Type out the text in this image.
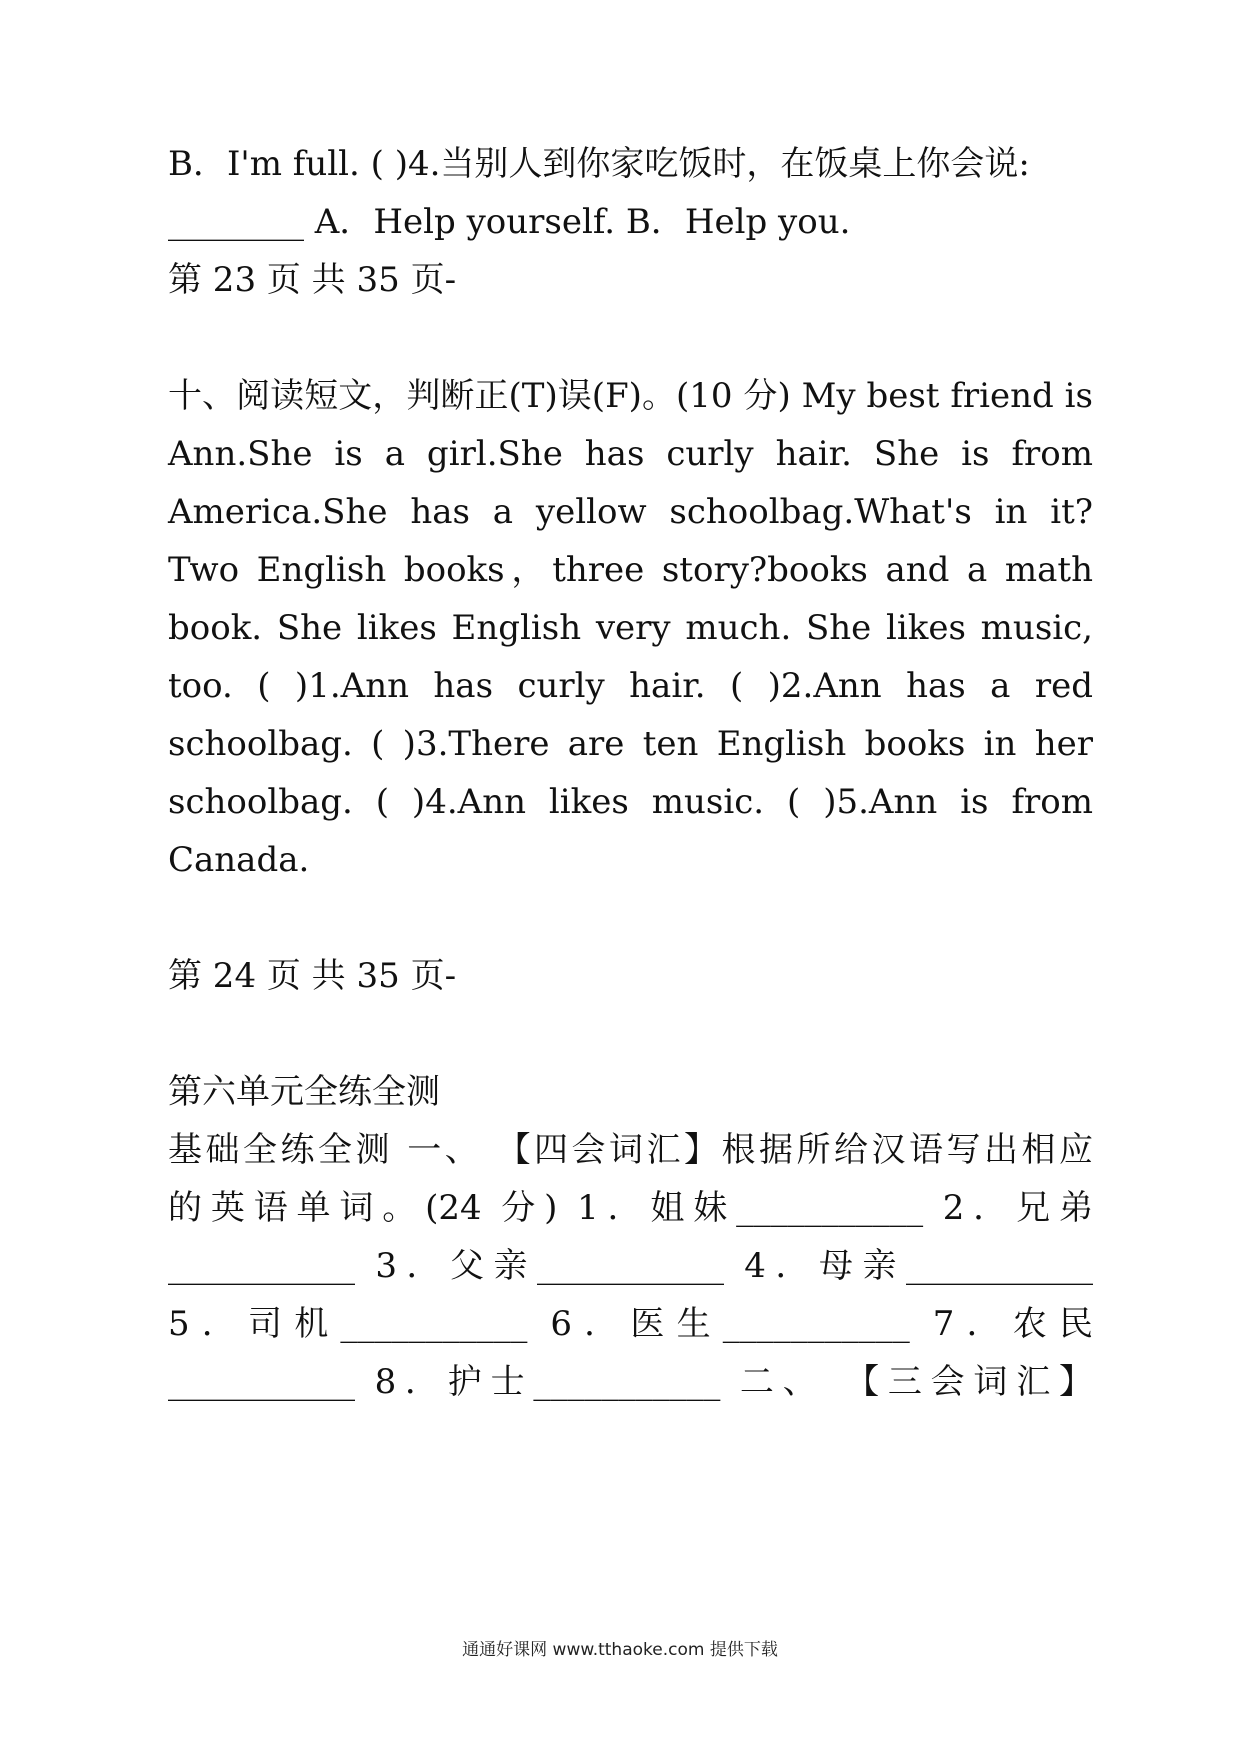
B．I'm full. ( )4.当别人到你家吃饭时，在饭桌上你会说:
________ A．Help yourself. B．Help you.
第 23 页 共 35 页-
十、阅读短文，判断正(T)误(F)。(10 分) My best friend is
Ann.She is a girl.She has curly hair. She is from
America.She has a yellow schoolbag.What's in it?
Two English books，three story?books and a math
book. She likes English very much. She likes music,
too. ( )1.Ann has curly hair. ( )2.Ann has a red
schoolbag. ( )3.There are ten English books in her
schoolbag. ( )4.Ann likes music. ( )5.Ann is from
Canada.
第 24 页 共 35 页-
第六单元全练全测
基础全练全测 一、 【四会词汇】根据所给汉语写出相应
的英语单词。(24 分) 1．姐妹___________ 2．兄弟
___________ 3．父亲___________ 4．母亲___________
5．司机___________ 6．医生___________ 7．农民
___________ 8．护士___________ 二、 【三会词汇】
通通好课网 www.tthaoke.com 提供下载
